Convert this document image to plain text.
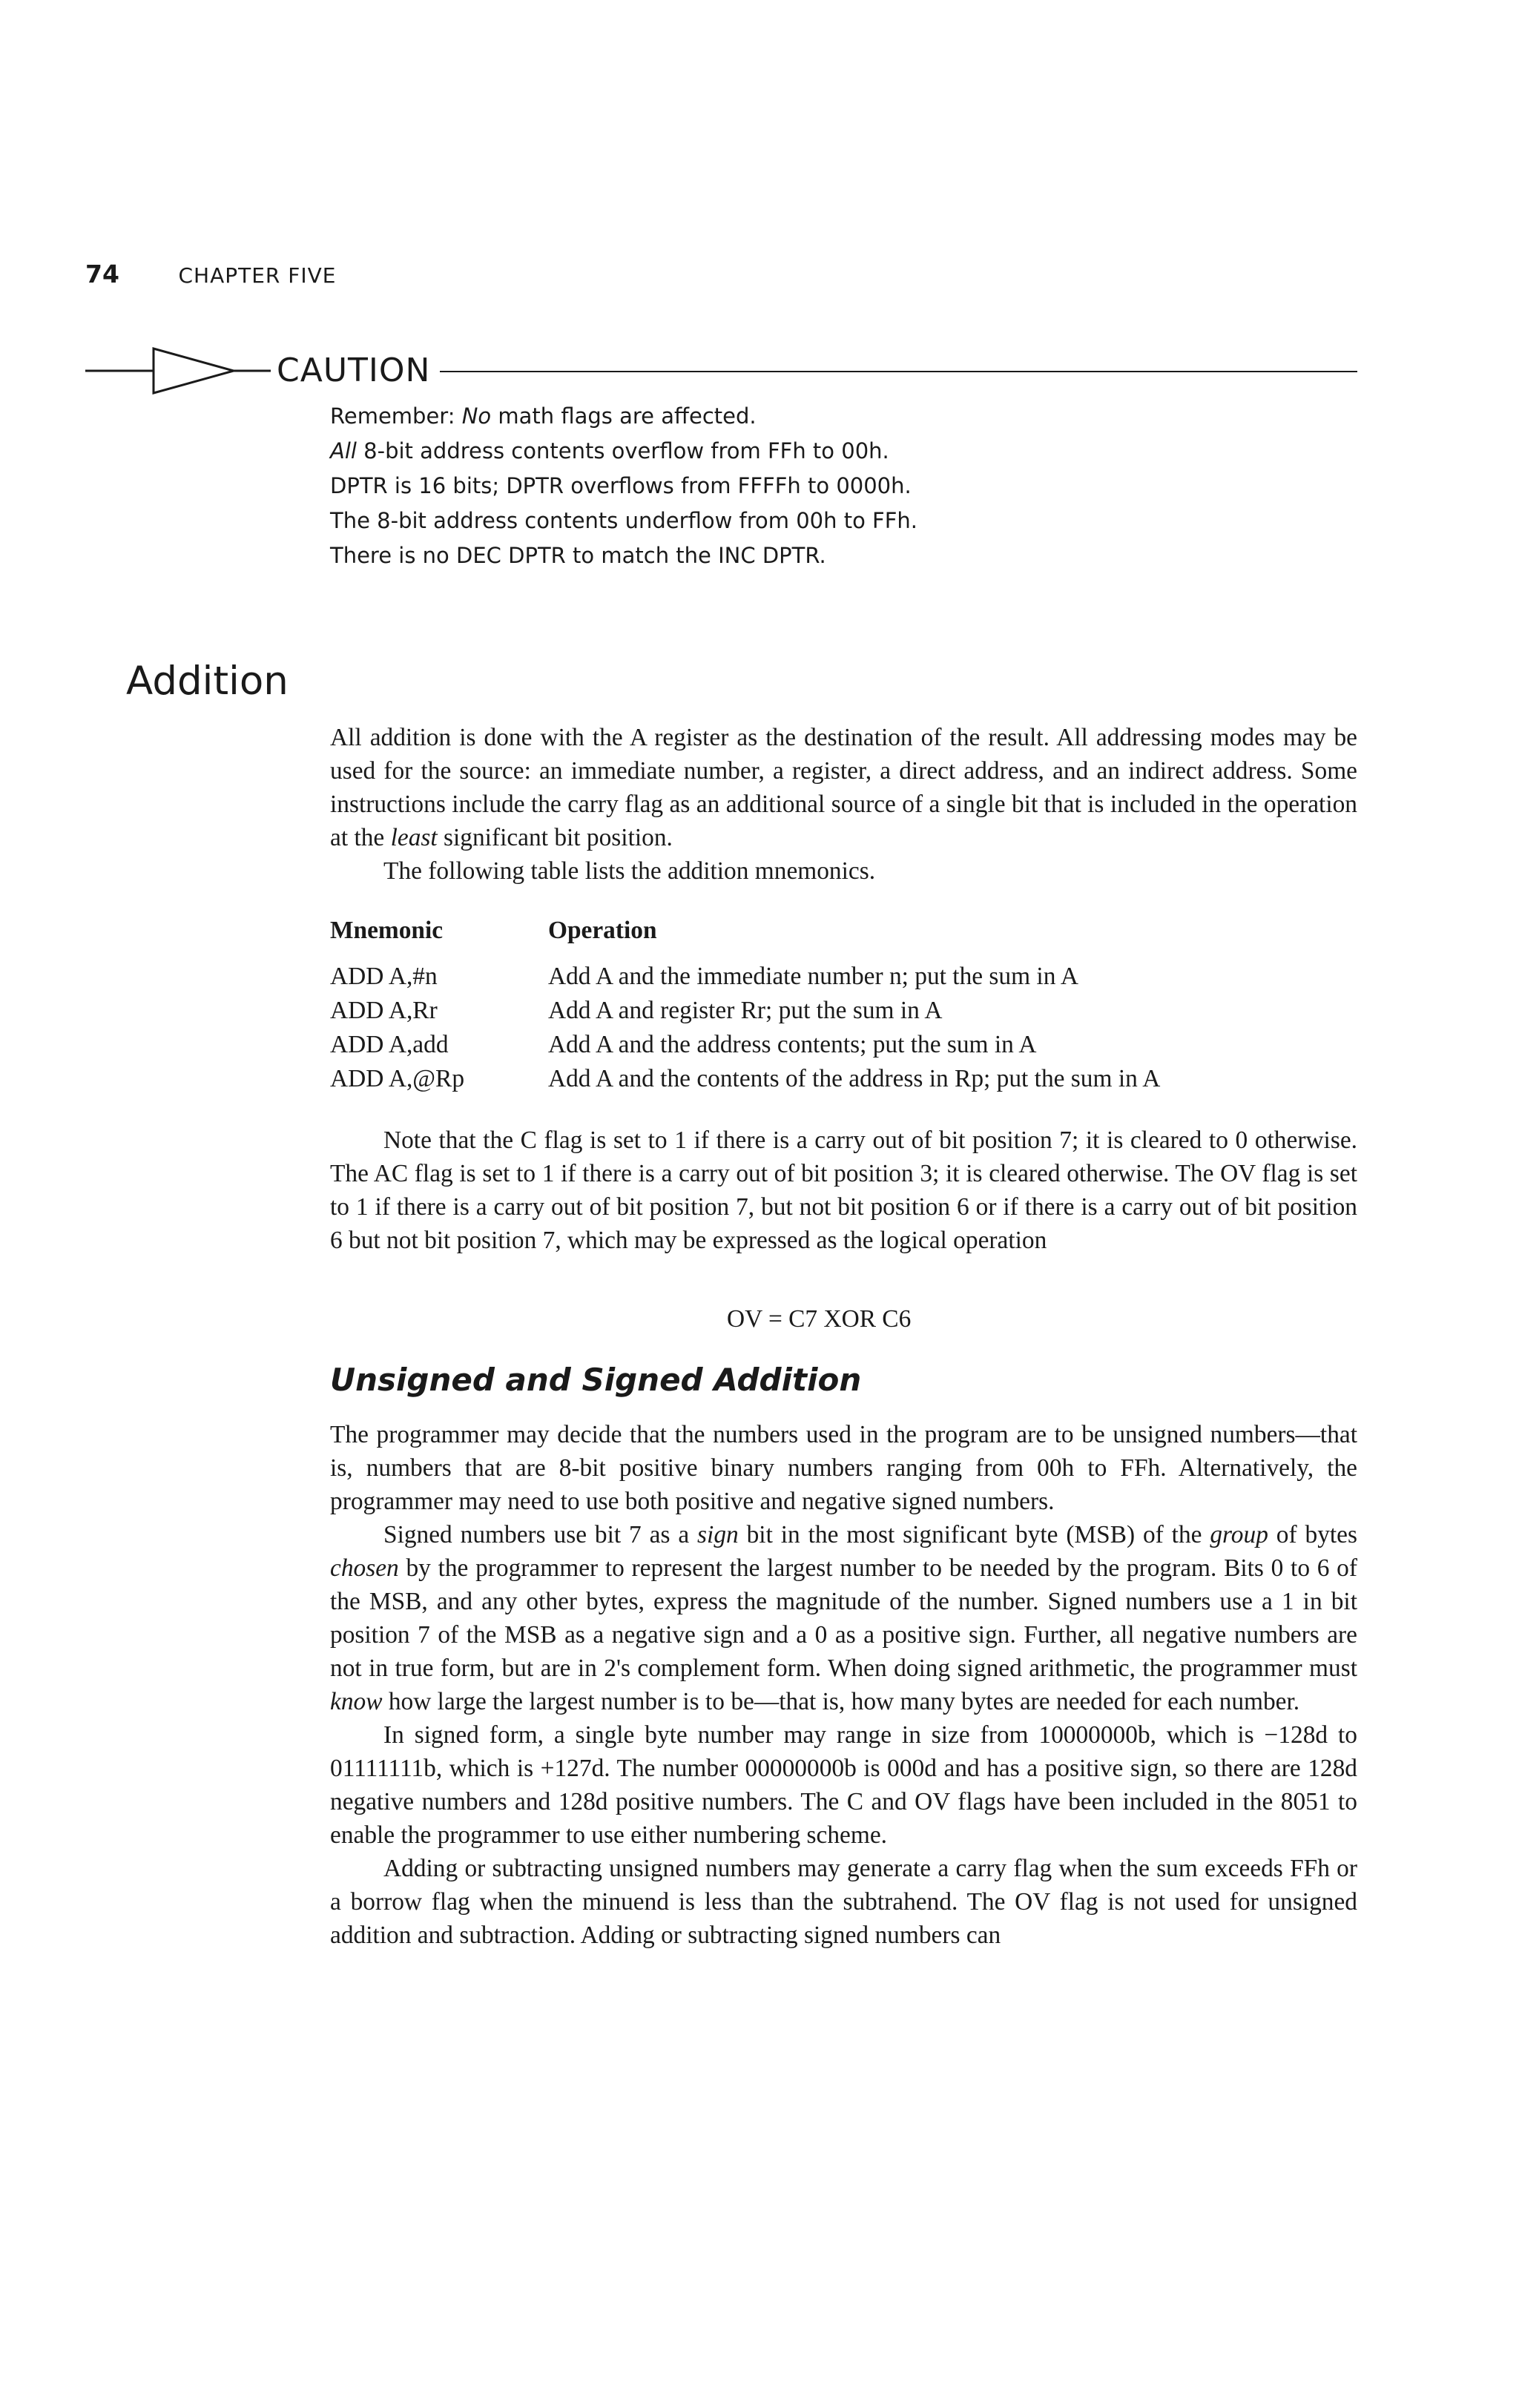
74	CHAPTER FIVE
CAUTION
Remember: No math flags are affected.
All 8-bit address contents overflow from FFh to 00h.
DPTR is 16 bits; DPTR overflows from FFFFh to 0000h.
The 8-bit address contents underflow from 00h to FFh.
There is no DEC DPTR to match the INC DPTR.
Addition

All addition is done with the A register as the destination of the result. All addressing modes may be used for the source: an immediate number, a register, a direct address, and an indirect address. Some instructions include the carry flag as an additional source of a single bit that is included in the operation at the least significant bit position.

The following table lists the addition mnemonics.

Mnemonic	Operation
ADD A,#n	Add A and the immediate number n; put the sum in A
ADD A,Rr	Add A and register Rr; put the sum in A
ADD A,add	Add A and the address contents; put the sum in A
ADD A,@Rp	Add A and the contents of the address in Rp; put the sum in A

Note that the C flag is set to 1 if there is a carry out of bit position 7; it is cleared to 0 otherwise. The AC flag is set to 1 if there is a carry out of bit position 3; it is cleared otherwise. The OV flag is set to 1 if there is a carry out of bit position 7, but not bit position 6 or if there is a carry out of bit position 6 but not bit position 7, which may be expressed as the logical operation

OV = C7 XOR C6
Unsigned and Signed Addition

The programmer may decide that the numbers used in the program are to be unsigned numbers—that is, numbers that are 8-bit positive binary numbers ranging from 00h to FFh. Alternatively, the programmer may need to use both positive and negative signed numbers.

Signed numbers use bit 7 as a sign bit in the most significant byte (MSB) of the group of bytes chosen by the programmer to represent the largest number to be needed by the program. Bits 0 to 6 of the MSB, and any other bytes, express the magnitude of the number. Signed numbers use a 1 in bit position 7 of the MSB as a negative sign and a 0 as a positive sign. Further, all negative numbers are not in true form, but are in 2's complement form. When doing signed arithmetic, the programmer must know how large the largest number is to be—that is, how many bytes are needed for each number.

In signed form, a single byte number may range in size from 10000000b, which is −128d to 01111111b, which is +127d. The number 00000000b is 000d and has a positive sign, so there are 128d negative numbers and 128d positive numbers. The C and OV flags have been included in the 8051 to enable the programmer to use either numbering scheme.

Adding or subtracting unsigned numbers may generate a carry flag when the sum exceeds FFh or a borrow flag when the minuend is less than the subtrahend. The OV flag is not used for unsigned addition and subtraction. Adding or subtracting signed numbers can
